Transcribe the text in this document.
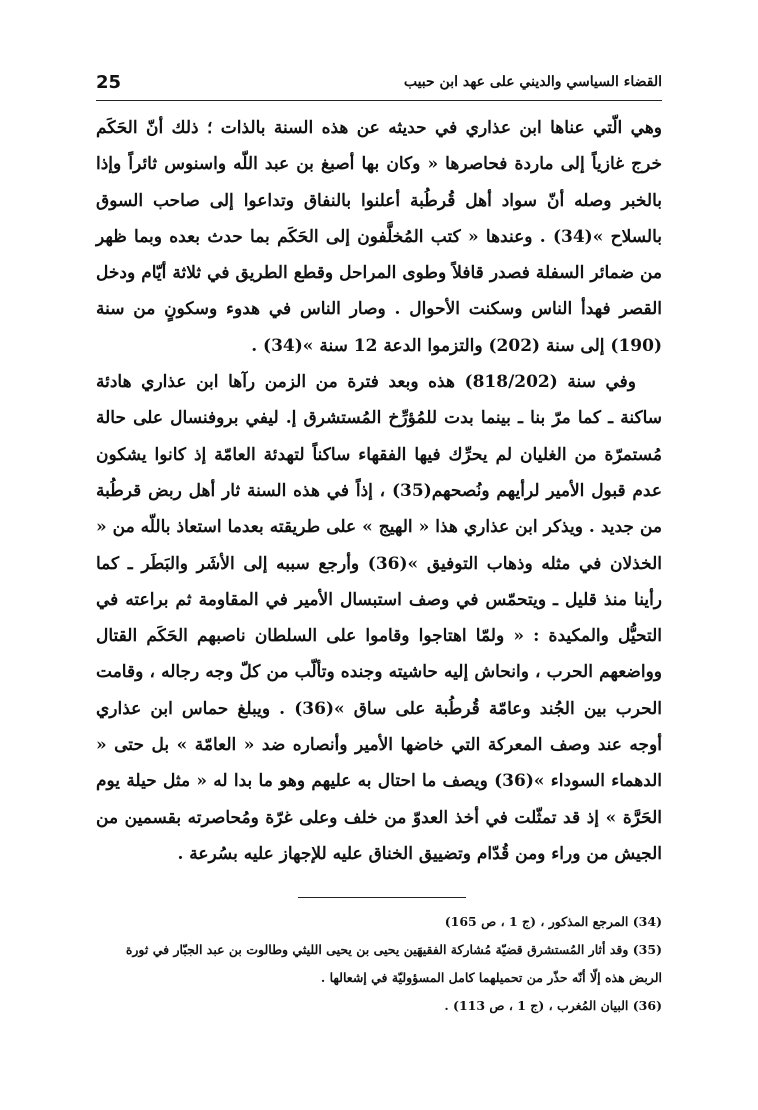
25	القضاء السياسي والديني على عهد ابن حبيب

وهي الّتي عناها ابن عذاري في حديثه عن هذه السنة بالذات ؛ ذلك أنّ الحَكَم خرج غازياً إلى ماردة فحاصرها « وكان بها أصبغ بن عبد اللّه واسنوس ثائراً وإذا بالخبر وصله أنّ سواد أهل قُرطُبة أعلنوا بالنفاق وتداعوا إلى صاحب السوق بالسلاح »(34) . وعندها « كتب المُخلَّفون إلى الحَكَم بما حدث بعده وبما ظهر من ضمائر السفلة فصدر قافلاً وطوى المراحل وقطع الطريق في ثلاثة أيّام ودخل القصر فهدأ الناس وسكنت الأحوال . وصار الناس في هدوء وسكونٍ من سنة (190) إلى سنة (202) والتزموا الدعة 12 سنة »(34) .

وفي سنة (818/202) هذه وبعد فترة من الزمن رآها ابن عذاري هادئة ساكنة ـ كما مرّ بنا ـ بينما بدت للمُؤرِّخ المُستشرق إ. ليفي بروفنسال على حالة مُستمرّة من الغليان لم يحرِّك فيها الفقهاء ساكناً لتهدئة العامّة إذ كانوا يشكون عدم قبول الأمير لرأيهم ونُصحهم(35) ، إذاً في هذه السنة ثار أهل ربض قرطُبة من جديد . ويذكر ابن عذاري هذا « الهيج » على طريقته بعدما استعاذ باللّه من « الخذلان في مثله وذهاب التوفيق »(36) وأرجع سببه إلى الأشَر والبَطَر ـ كما رأينا منذ قليل ـ ويتحمّس في وصف استبسال الأمير في المقاومة ثم براعته في التحيُّل والمكيدة : « ولمّا اهتاجوا وقاموا على السلطان ناصبهم الحَكَم القتال وواضعهم الحرب ، وانحاش إليه حاشيته وجنده وتألّب من كلّ وجه رجاله ، وقامت الحرب بين الجُند وعامّة قُرطُبة على ساق »(36) . ويبلغ حماس ابن عذاري أوجه عند وصف المعركة التي خاضها الأمير وأنصاره ضد « العامّة » بل حتى « الدهماء السوداء »(36) ويصف ما احتال به عليهم وهو ما بدا له « مثل حيلة يوم الحَرَّة » إذ قد تمثّلت في أخذ العدوّ من خلف وعلى غرّة ومُحاصرته بقسمين من الجيش من وراء ومن قُدّام وتضييق الخناق عليه للإجهاز عليه بسُرعة .

(34) المرجع المذكور ، (ج 1 ، ص 165)

(35) وقد أثار المُستشرق قضيّة مُشاركة الفقيهَين يحيى بن يحيى الليثي وطالوت بن عبد الجبّار في ثورة الربض هذه إلّا أنّه حذّر من تحميلهما كامل المسؤوليّة في إشعالها .

(36) البيان المُغرب ، (ج 1 ، ص 113) .
